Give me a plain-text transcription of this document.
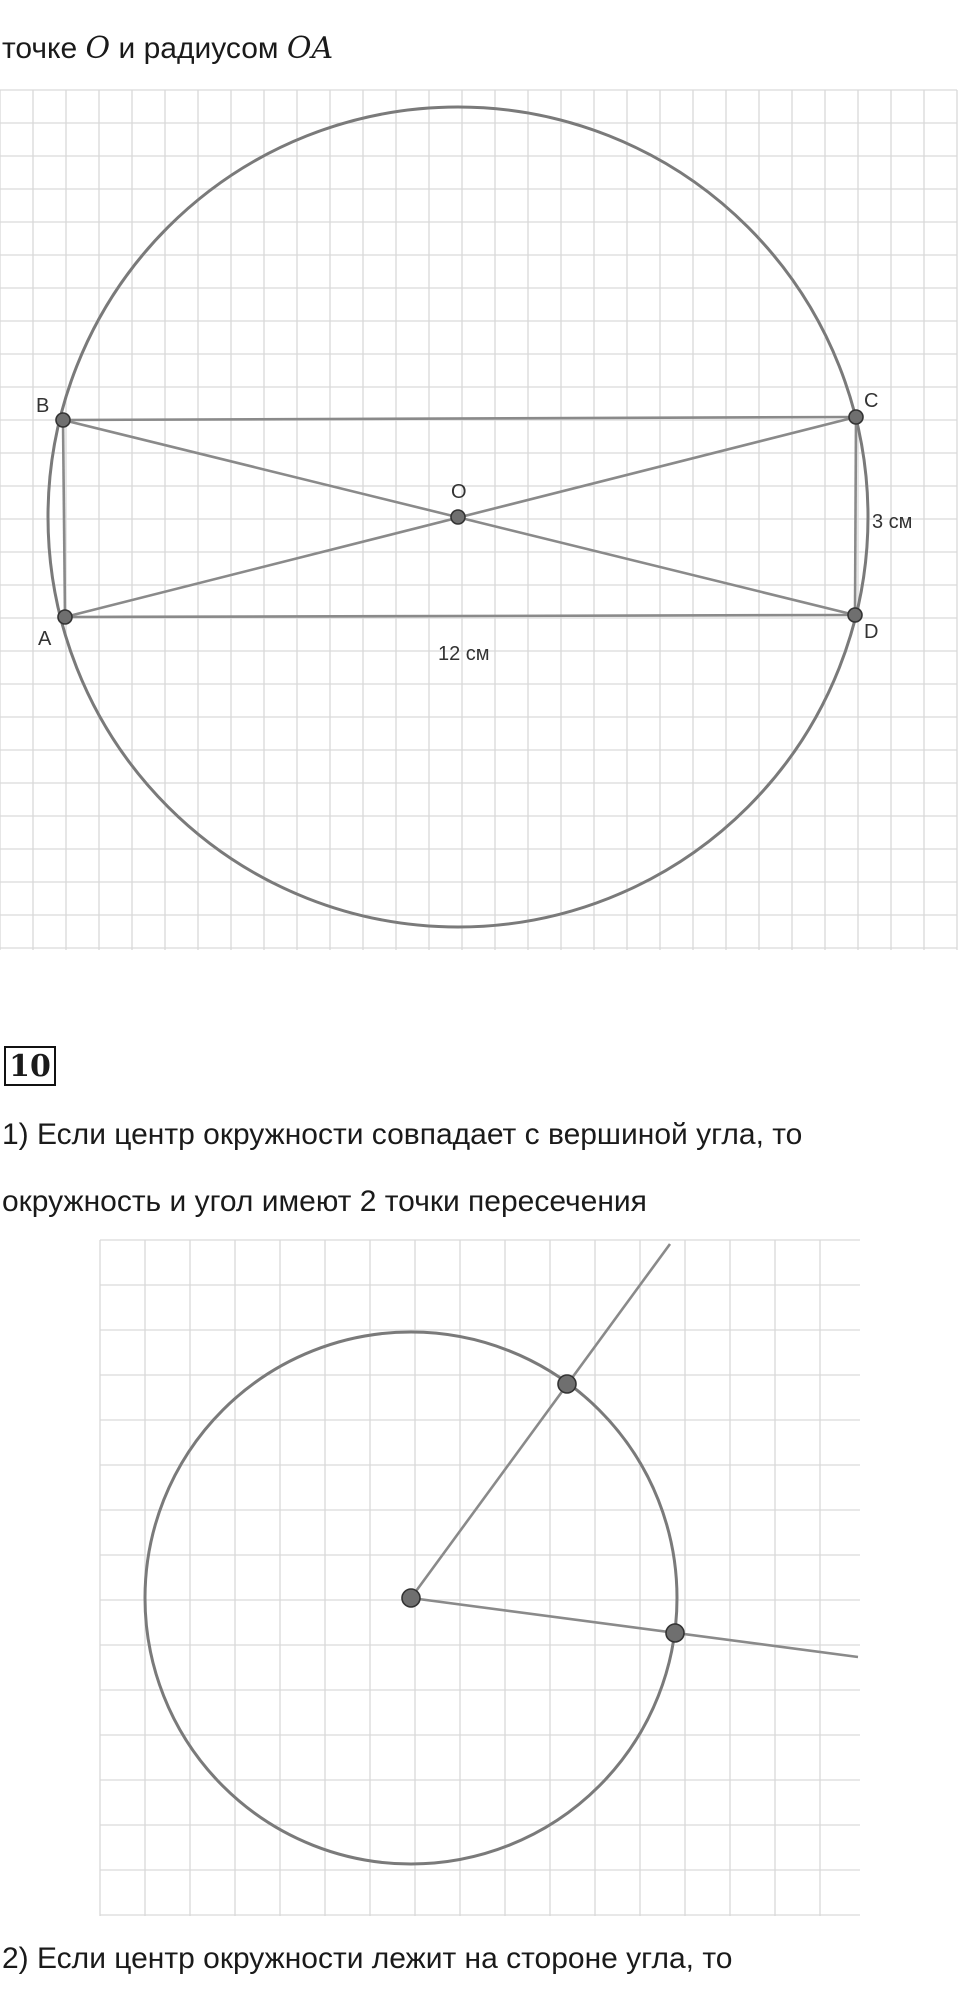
точке O и радиусом OA
B	C
A	D
O
3 см
12 см
10
1) Если центр окружности совпадает с вершиной угла, то
окружность и угол имеют 2 точки пересечения
2) Если центр окружности лежит на стороне угла, то
